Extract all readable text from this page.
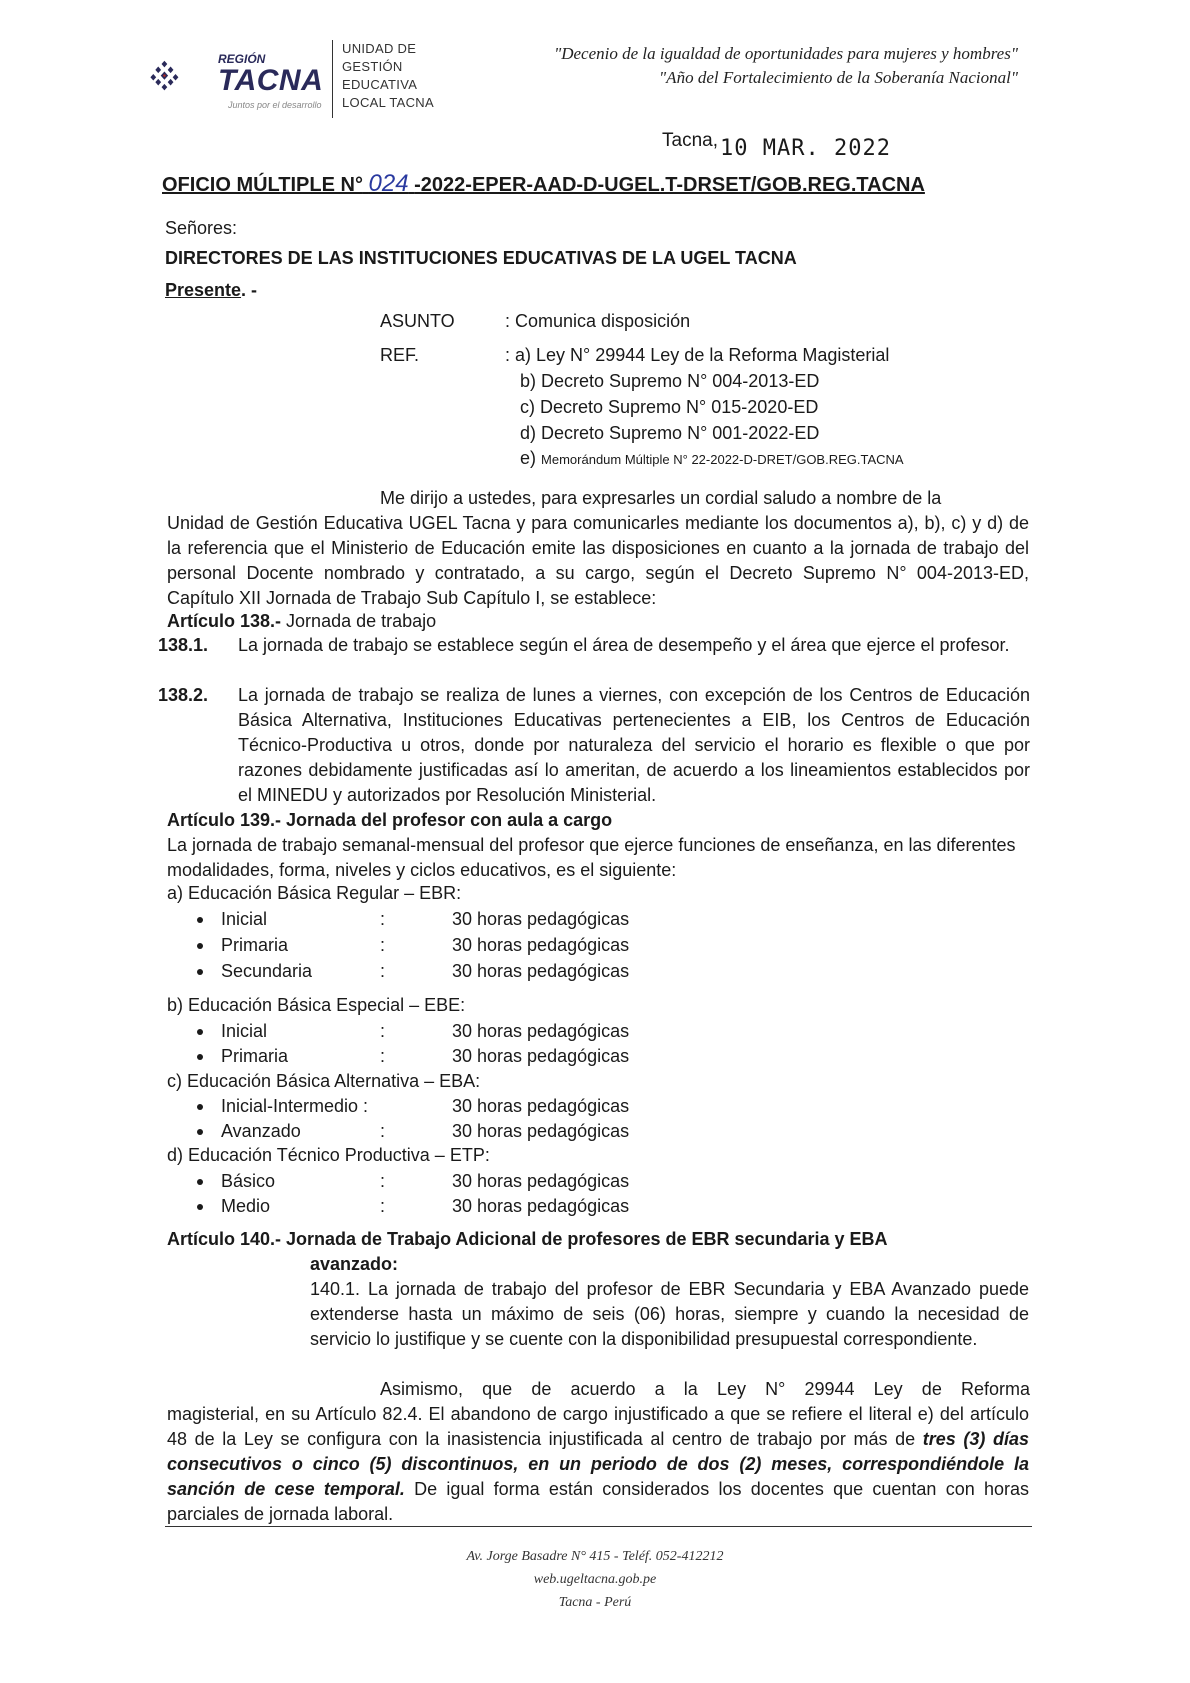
REGIÓN
TACNA
Juntos por el desarrollo
UNIDAD DE
GESTIÓN
EDUCATIVA
LOCAL TACNA
"Decenio de la igualdad de oportunidades para mujeres y hombres"
"Año del Fortalecimiento de la Soberanía Nacional"
Tacna, 10 MAR. 2022
OFICIO MÚLTIPLE N° 024 -2022-EPER-AAD-D-UGEL.T-DRSET/GOB.REG.TACNA
Señores:
DIRECTORES DE LAS INSTITUCIONES EDUCATIVAS DE LA UGEL TACNA
Presente. -
ASUNTO	: Comunica disposición
REF.	: a) Ley N° 29944 Ley de la Reforma Magisterial
b) Decreto Supremo N° 004-2013-ED
c) Decreto Supremo N° 015-2020-ED
d) Decreto Supremo N° 001-2022-ED
e) Memorándum Múltiple N° 22-2022-D-DRET/GOB.REG.TACNA
Me dirijo a ustedes, para expresarles un cordial saludo a nombre de la
Unidad de Gestión Educativa UGEL Tacna y para comunicarles mediante los documentos a), b), c) y d) de la referencia que el Ministerio de Educación emite las disposiciones en cuanto a la jornada de trabajo del personal Docente nombrado y contratado, a su cargo, según el Decreto Supremo N° 004-2013-ED, Capítulo XII Jornada de Trabajo Sub Capítulo I, se establece:
Artículo 138.- Jornada de trabajo
138.1. La jornada de trabajo se establece según el área de desempeño y el área que ejerce el profesor.
138.2. La jornada de trabajo se realiza de lunes a viernes, con excepción de los Centros de Educación Básica Alternativa, Instituciones Educativas pertenecientes a EIB, los Centros de Educación Técnico-Productiva u otros, donde por naturaleza del servicio el horario es flexible o que por razones debidamente justificadas así lo ameritan, de acuerdo a los lineamientos establecidos por el MINEDU y autorizados por Resolución Ministerial.
Artículo 139.- Jornada del profesor con aula a cargo
La jornada de trabajo semanal-mensual del profesor que ejerce funciones de enseñanza, en las diferentes modalidades, forma, niveles y ciclos educativos, es el siguiente:
a) Educación Básica Regular – EBR:
Inicial	:	30 horas pedagógicas
Primaria	:	30 horas pedagógicas
Secundaria	:	30 horas pedagógicas
b) Educación Básica Especial – EBE:
Inicial	:	30 horas pedagógicas
Primaria	:	30 horas pedagógicas
c) Educación Básica Alternativa – EBA:
Inicial-Intermedio :	30 horas pedagógicas
Avanzado	:	30 horas pedagógicas
d) Educación Técnico Productiva – ETP:
Básico	:	30 horas pedagógicas
Medio	:	30 horas pedagógicas
Artículo 140.- Jornada de Trabajo Adicional de profesores de EBR secundaria y EBA
avanzado:
140.1. La jornada de trabajo del profesor de EBR Secundaria y EBA Avanzado puede extenderse hasta un máximo de seis (06) horas, siempre y cuando la necesidad de servicio lo justifique y se cuente con la disponibilidad presupuestal correspondiente.
Asimismo, que de acuerdo a la Ley N° 29944 Ley de Reforma
magisterial, en su Artículo 82.4. El abandono de cargo injustificado a que se refiere el literal e) del artículo 48 de la Ley se configura con la inasistencia injustificada al centro de trabajo por más de tres (3) días consecutivos o cinco (5) discontinuos, en un periodo de dos (2) meses, correspondiéndole la sanción de cese temporal. De igual forma están considerados los docentes que cuentan con horas parciales de jornada laboral.
Av. Jorge Basadre N° 415 - Teléf. 052-412212
web.ugeltacna.gob.pe
Tacna - Perú
